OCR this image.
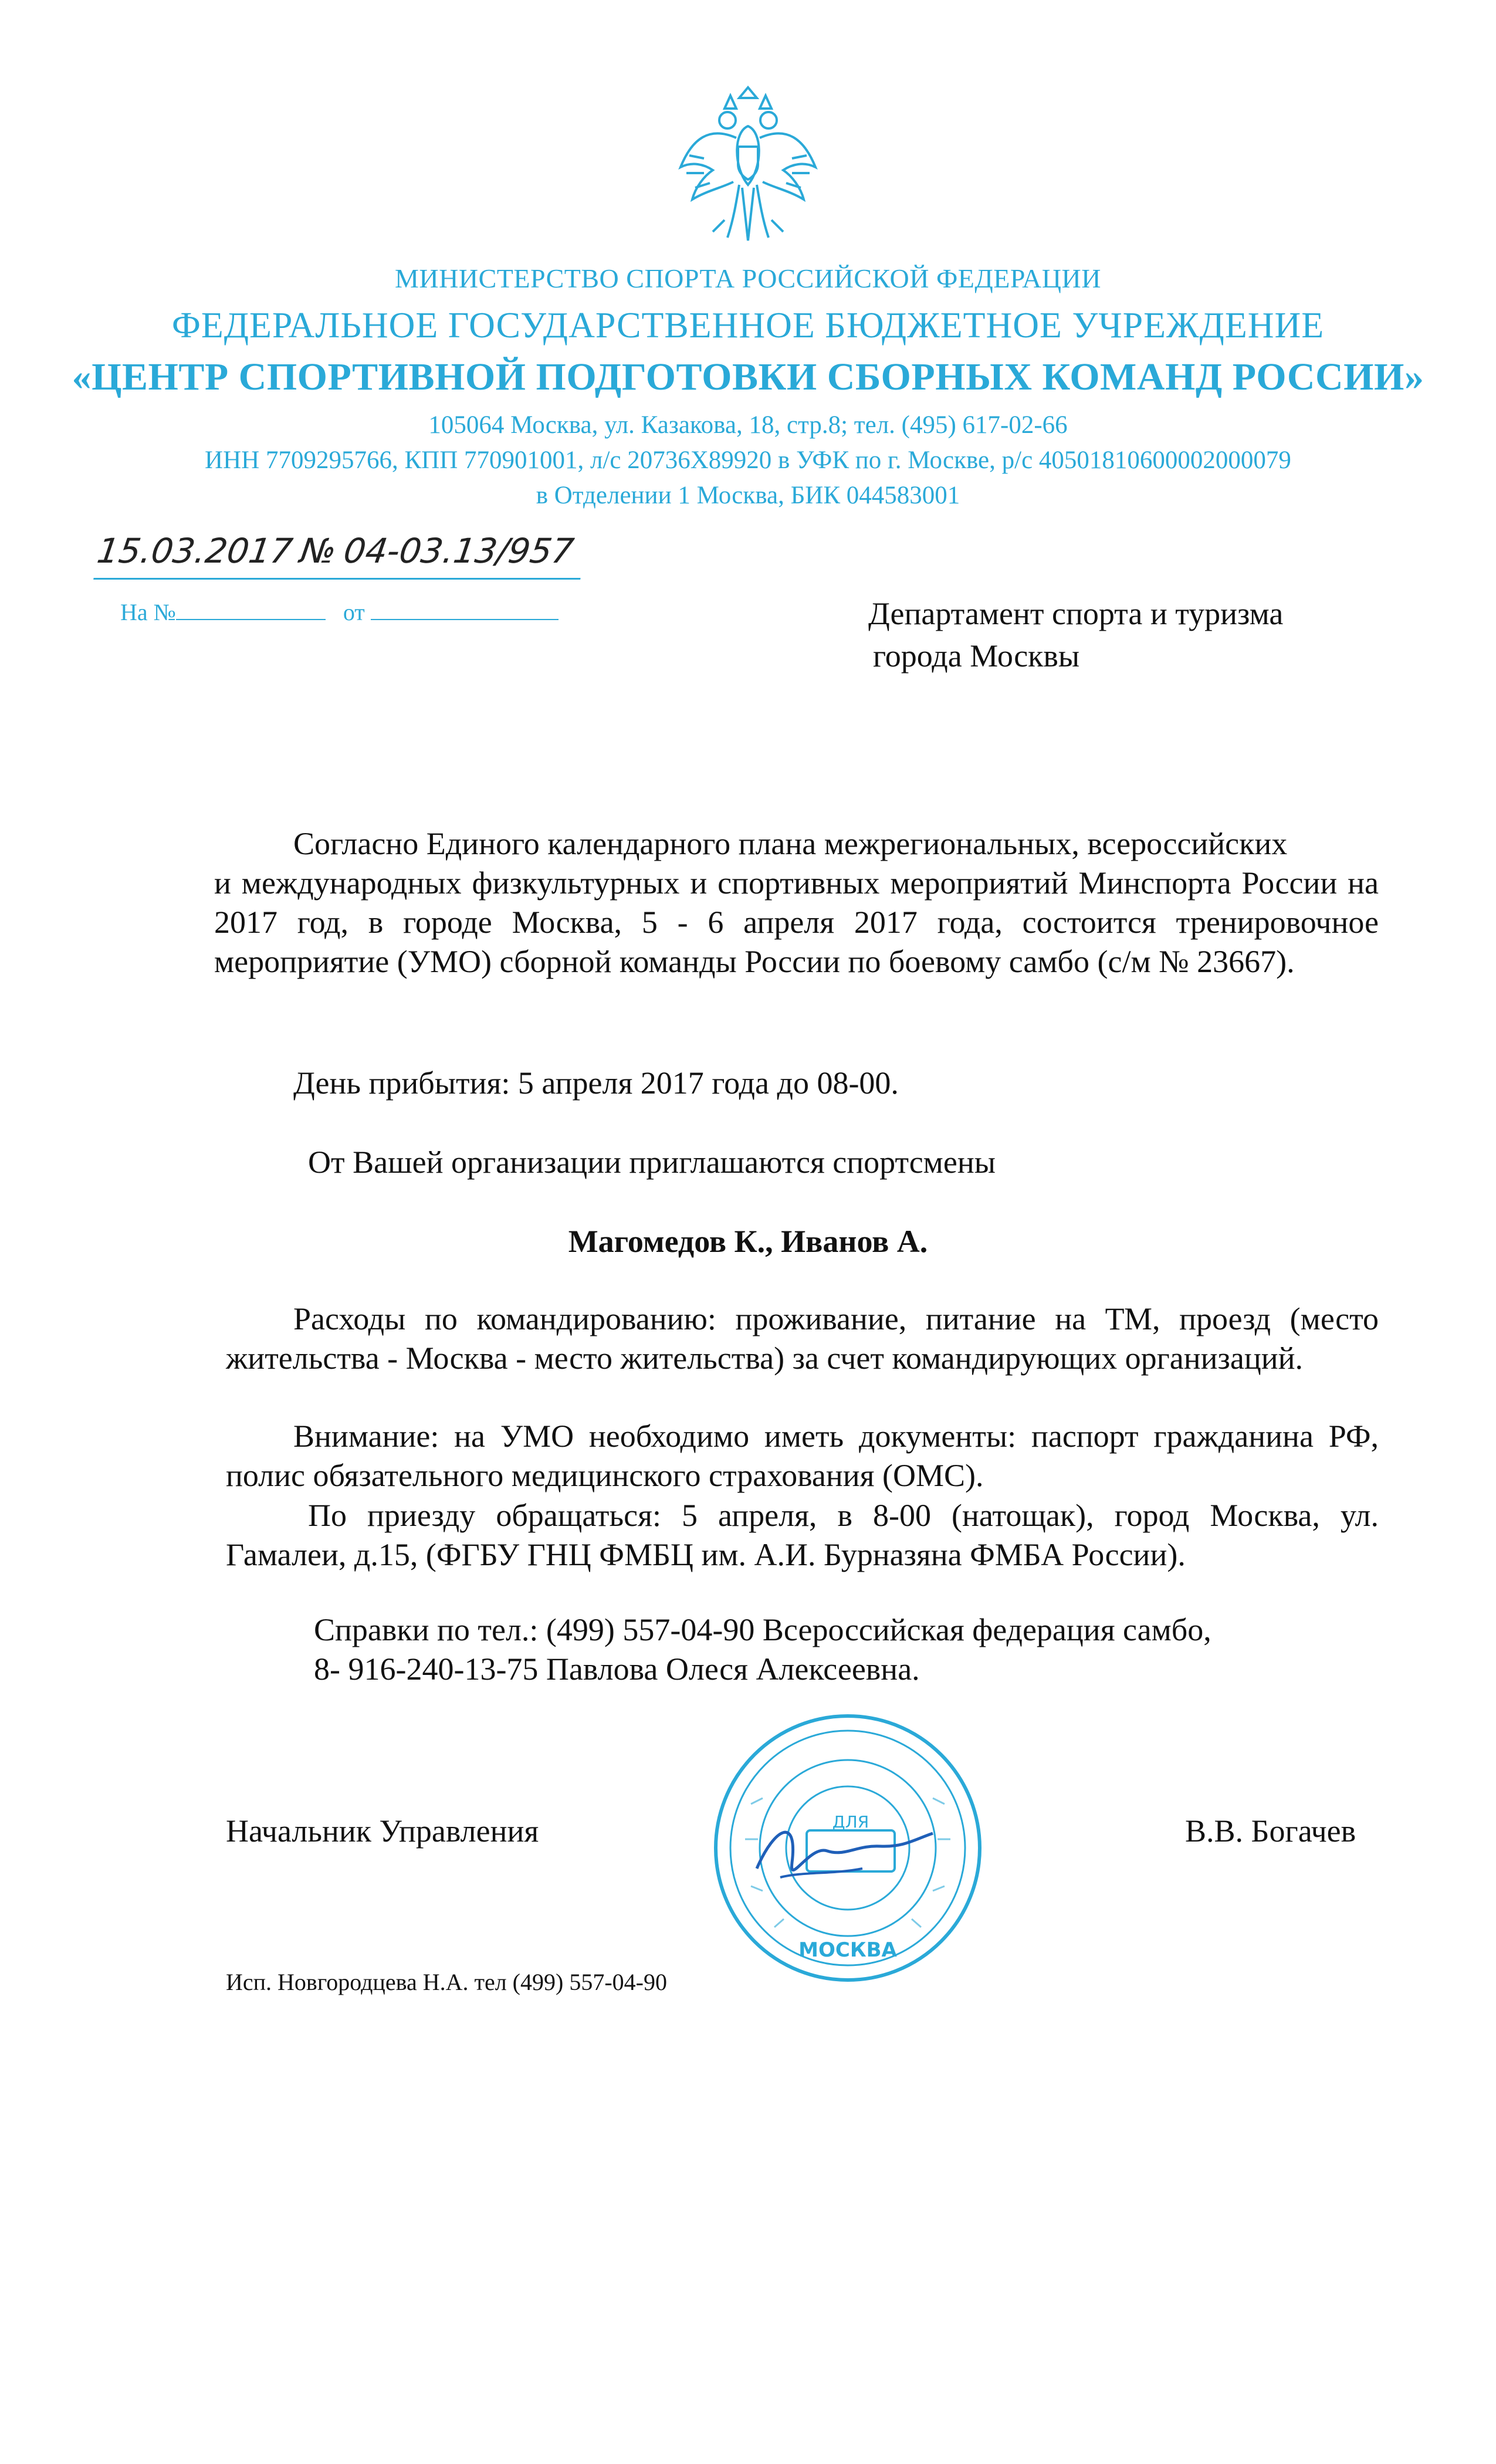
МИНИСТЕРСТВО СПОРТА РОССИЙСКОЙ ФЕДЕРАЦИИ
ФЕДЕРАЛЬНОЕ ГОСУДАРСТВЕННОЕ БЮДЖЕТНОЕ УЧРЕЖДЕНИЕ
«ЦЕНТР СПОРТИВНОЙ ПОДГОТОВКИ СБОРНЫХ КОМАНД РОССИИ»
105064 Москва, ул. Казакова, 18, стр.8; тел. (495) 617-02-66
ИНН 7709295766, КПП 770901001, л/с 20736Х89920 в УФК по г. Москве, р/с 40501810600002000079
в Отделении 1 Москва, БИК 044583001
15.03.2017№04-03.13/957
На №	от	Департамент спорта и туризма
города Москвы
Согласно Единого календарного плана межрегиональных, всероссийских
и международных физкультурных и спортивных мероприятий Минспорта России на 2017 год, в городе Москва, 5 - 6 апреля 2017 года, состоится тренировочное мероприятие (УМО) сборной команды России по боевому самбо (с/м № 23667).
День прибытия: 5 апреля 2017 года до 08-00.
От Вашей организации приглашаются спортсмены
Магомедов К., Иванов А.
Расходы по командированию: проживание, питание на ТМ, проезд (место жительства - Москва - место жительства) за счет командирующих организаций.
Внимание: на УМО необходимо иметь документы: паспорт гражданина РФ, полис обязательного медицинского страхования (ОМС).
По приезду обращаться: 5 апреля, в 8-00 (натощак), город Москва, ул. Гамалеи, д.15, (ФГБУ ГНЦ ФМБЦ им. А.И. Бурназяна ФМБА России).
Справки по тел.: (499) 557-04-90 Всероссийская федерация самбо,
8- 916-240-13-75 Павлова Олеся Алексеевна.
Начальник Управления	ДЛЯ
МОСКВА
В.В. Богачев
Исп. Новгородцева Н.А. тел (499) 557-04-90
